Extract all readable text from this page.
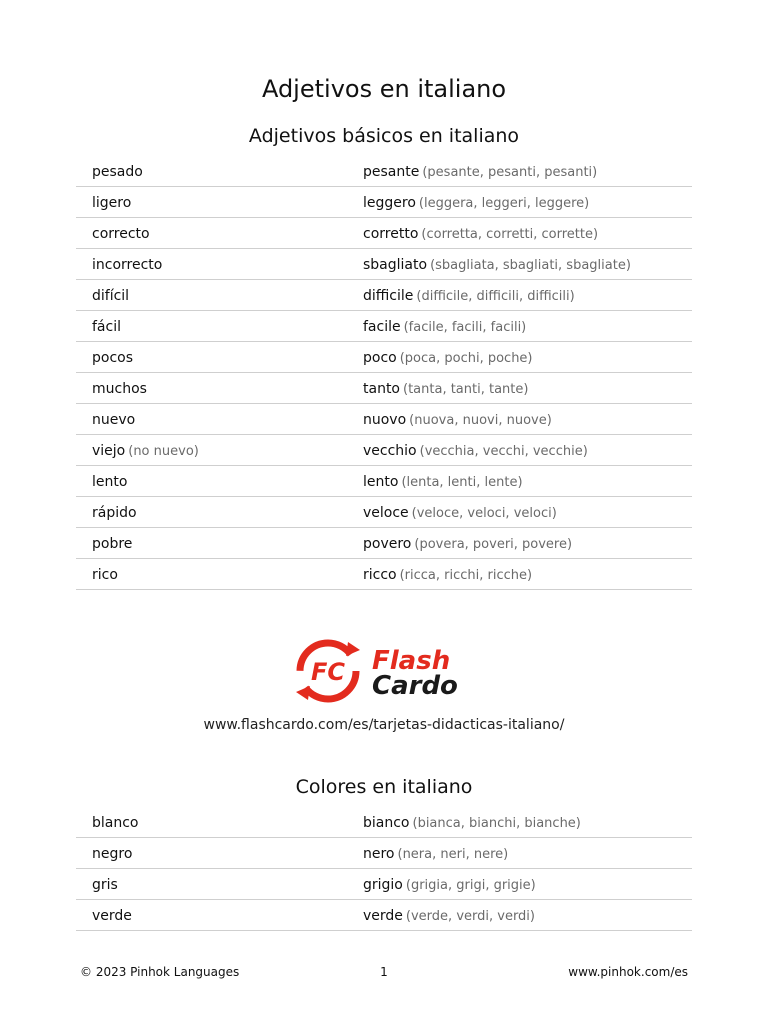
Adjetivos en italiano
Adjetivos básicos en italiano
pesado	pesante (pesante, pesanti, pesanti)
ligero	leggero (leggera, leggeri, leggere)
correcto	corretto (corretta, corretti, corrette)
incorrecto	sbagliato (sbagliata, sbagliati, sbagliate)
difícil	difficile (difficile, difficili, difficili)
fácil	facile (facile, facili, facili)
pocos	poco (poca, pochi, poche)
muchos	tanto (tanta, tanti, tante)
nuevo	nuovo (nuova, nuovi, nuove)
viejo (no nuevo)	vecchio (vecchia, vecchi, vecchie)
lento	lento (lenta, lenti, lente)
rápido	veloce (veloce, veloci, veloci)
pobre	povero (povera, poveri, povere)
rico	ricco (ricca, ricchi, ricche)
FC Flash
Cardo
www.flashcardo.com/es/tarjetas-didacticas-italiano/
Colores en italiano
blanco	bianco (bianca, bianchi, bianche)
negro	nero (nera, neri, nere)
gris	grigio (grigia, grigi, grigie)
verde	verde (verde, verdi, verdi)
© 2023 Pinhok Languages	1	www.pinhok.com/es
